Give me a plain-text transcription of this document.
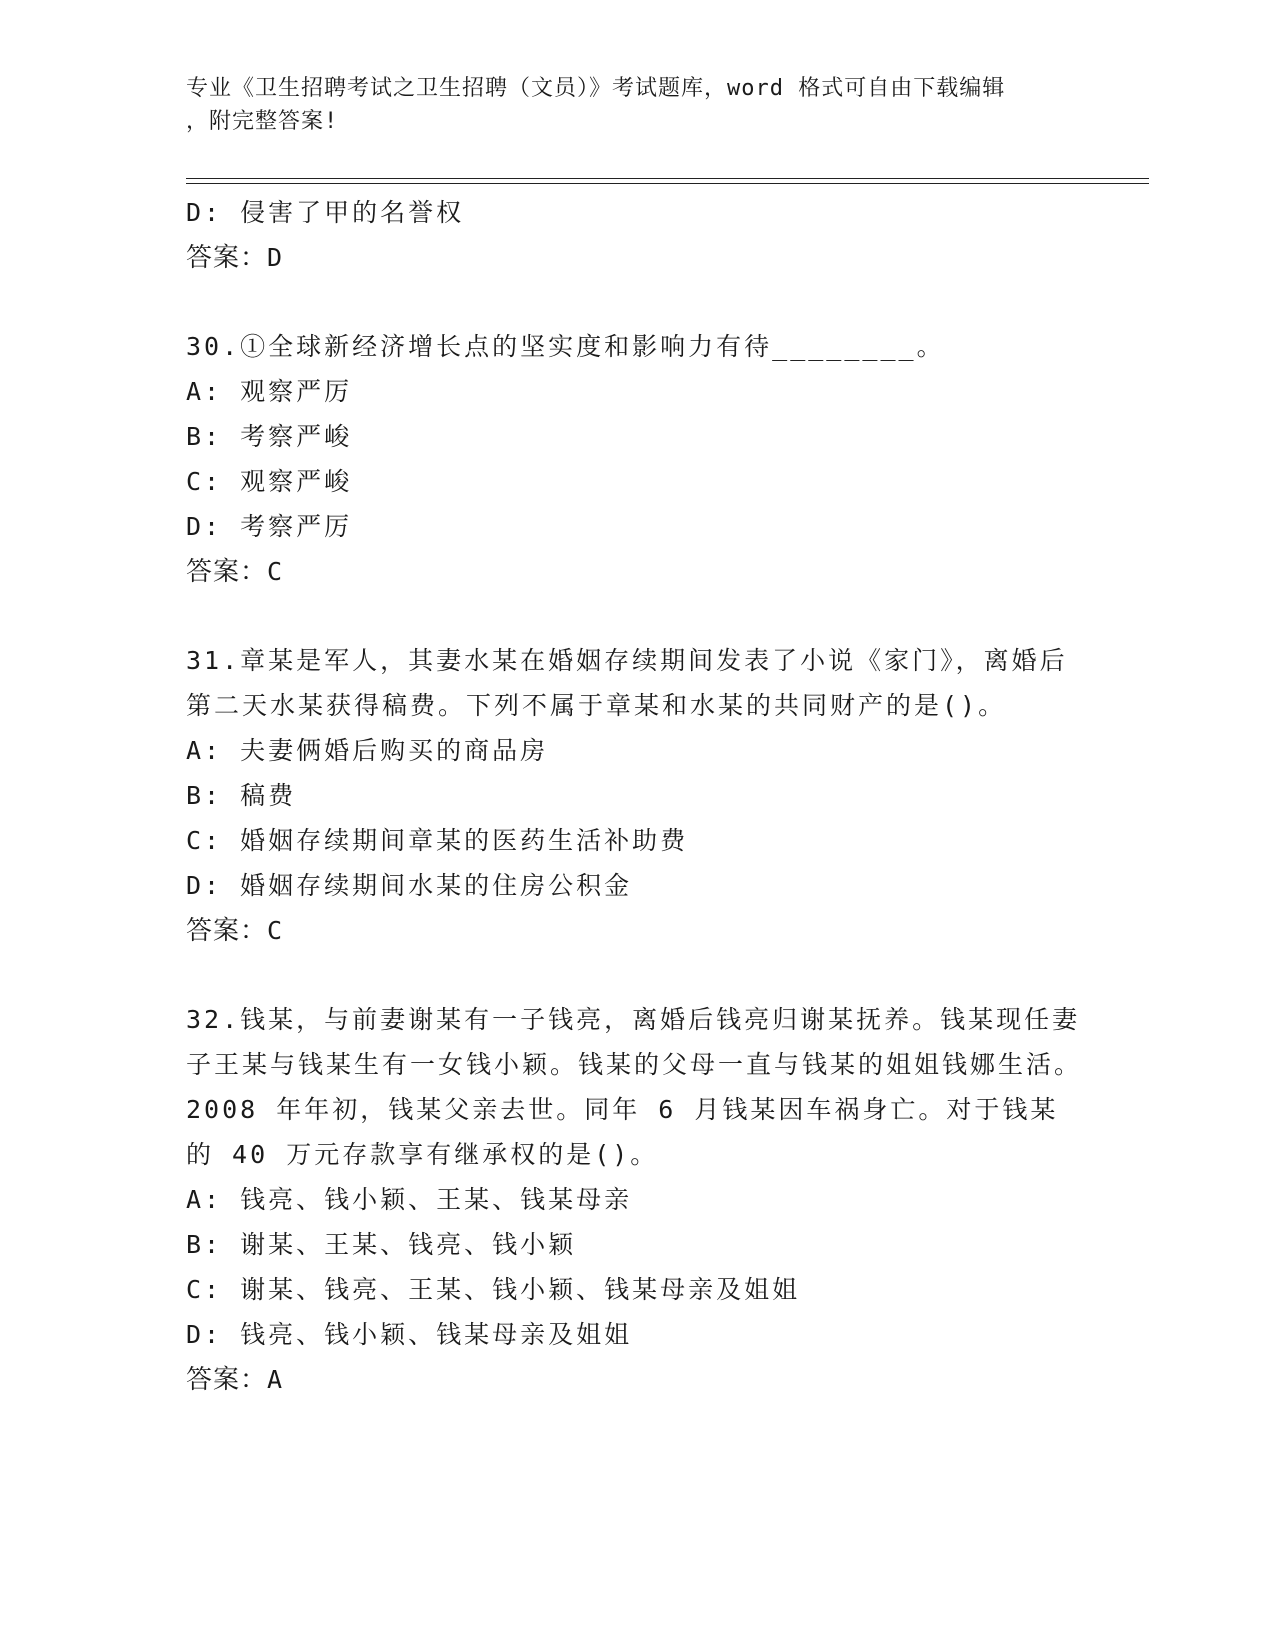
专业《卫生招聘考试之卫生招聘（文员）》考试题库，word 格式可自由下载编辑
，附完整答案!
D: 侵害了甲的名誉权
答案：D
30.①全球新经济增长点的坚实度和影响力有待________。
A: 观察严厉
B: 考察严峻
C: 观察严峻
D: 考察严厉
答案：C
31.章某是军人，其妻水某在婚姻存续期间发表了小说《家门》，离婚后第二天水某获得稿费。下列不属于章某和水某的共同财产的是()。
A: 夫妻俩婚后购买的商品房
B: 稿费
C: 婚姻存续期间章某的医药生活补助费
D: 婚姻存续期间水某的住房公积金
答案：C
32.钱某，与前妻谢某有一子钱亮，离婚后钱亮归谢某抚养。钱某现任妻子王某与钱某生有一女钱小颖。钱某的父母一直与钱某的姐姐钱娜生活。2008 年年初，钱某父亲去世。同年 6 月钱某因车祸身亡。对于钱某的 40 万元存款享有继承权的是()。
A: 钱亮、钱小颖、王某、钱某母亲
B: 谢某、王某、钱亮、钱小颖
C: 谢某、钱亮、王某、钱小颖、钱某母亲及姐姐
D: 钱亮、钱小颖、钱某母亲及姐姐
答案：A
